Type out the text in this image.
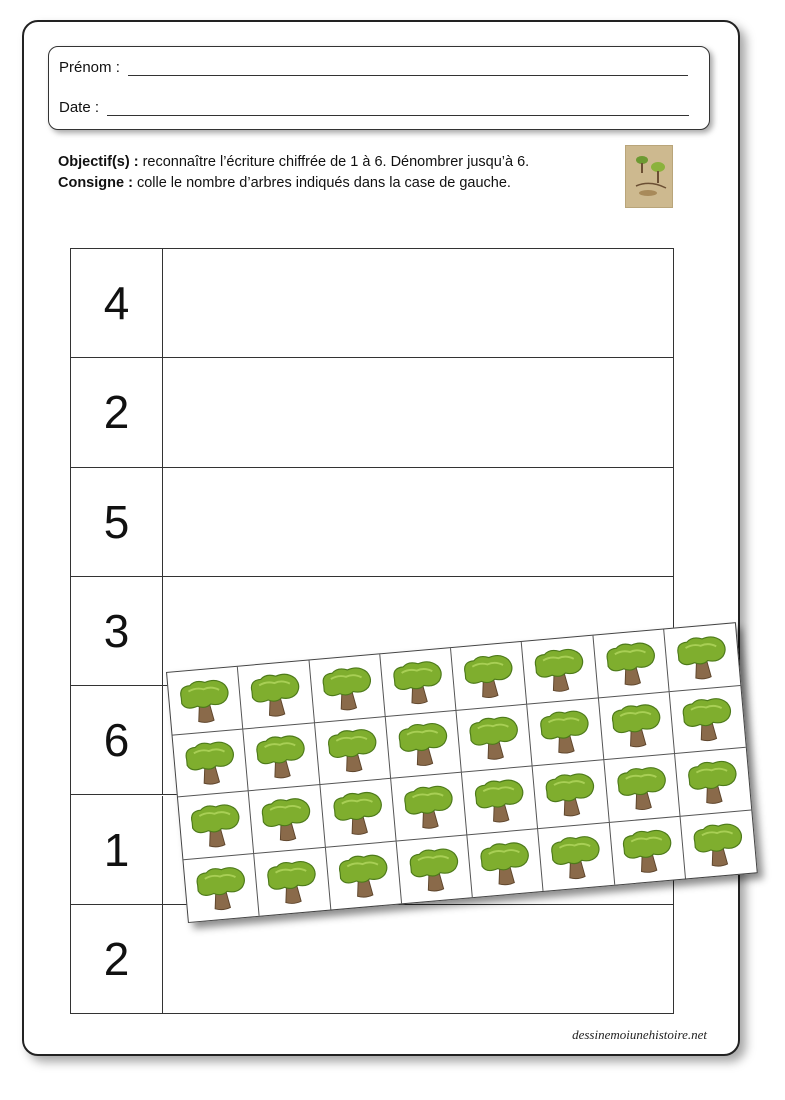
Prénom :
Date :
Objectif(s) : reconnaître l’écriture chiffrée de 1 à 6. Dénombrer jusqu’à 6.
Consigne : colle le nombre d’arbres indiqués dans la case de gauche.
4
2
5
3
6
1
2
dessinemoiunehistoire.net
